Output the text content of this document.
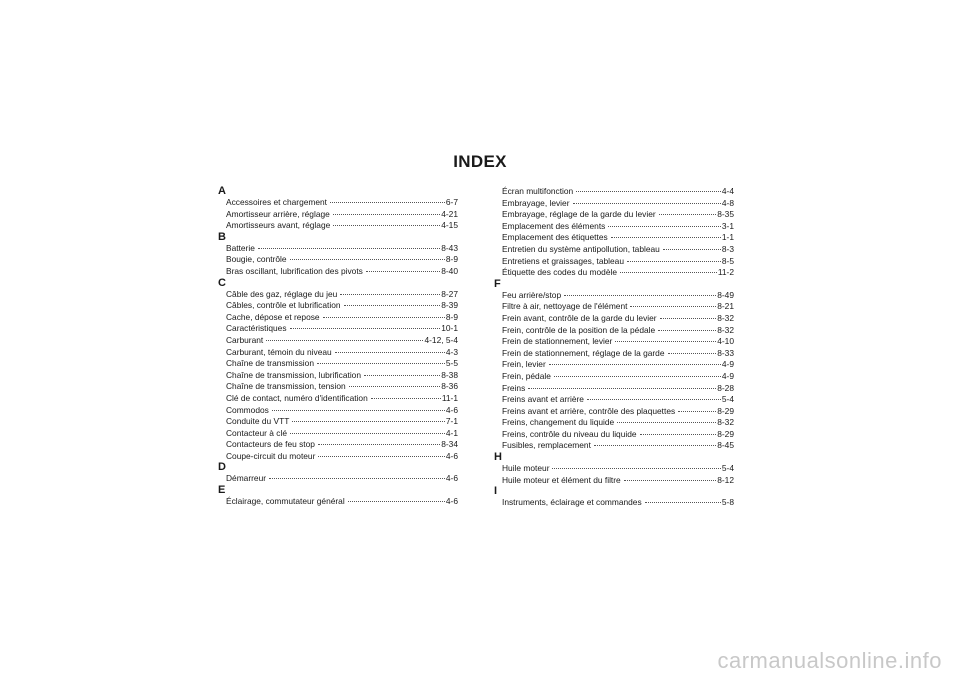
INDEX
A
Accessoires et chargement	6-7
Amortisseur arrière, réglage	4-21
Amortisseurs avant, réglage	4-15
B
Batterie	8-43
Bougie, contrôle	8-9
Bras oscillant, lubrification des pivots	8-40
C
Câble des gaz, réglage du jeu	8-27
Câbles, contrôle et lubrification	8-39
Cache, dépose et repose	8-9
Caractéristiques	10-1
Carburant	4-12, 5-4
Carburant, témoin du niveau	4-3
Chaîne de transmission	5-5
Chaîne de transmission, lubrification	8-38
Chaîne de transmission, tension	8-36
Clé de contact, numéro d'identification	11-1
Commodos	4-6
Conduite du VTT	7-1
Contacteur à clé	4-1
Contacteurs de feu stop	8-34
Coupe-circuit du moteur	4-6
D
Démarreur	4-6
E
Éclairage, commutateur général	4-6
Écran multifonction	4-4
Embrayage, levier	4-8
Embrayage, réglage de la garde du levier	8-35
Emplacement des éléments	3-1
Emplacement des étiquettes	1-1
Entretien du système antipollution, tableau	8-3
Entretiens et graissages, tableau	8-5
Étiquette des codes du modèle	11-2
F
Feu arrière/stop	8-49
Filtre à air, nettoyage de l'élément	8-21
Frein avant, contrôle de la garde du levier	8-32
Frein, contrôle de la position de la pédale	8-32
Frein de stationnement, levier	4-10
Frein de stationnement, réglage de la garde	8-33
Frein, levier	4-9
Frein, pédale	4-9
Freins	8-28
Freins avant et arrière	5-4
Freins avant et arrière, contrôle des plaquettes	8-29
Freins, changement du liquide	8-32
Freins, contrôle du niveau du liquide	8-29
Fusibles, remplacement	8-45
H
Huile moteur	5-4
Huile moteur et élément du filtre	8-12
I
Instruments, éclairage et commandes	5-8
carmanualsonline.info
